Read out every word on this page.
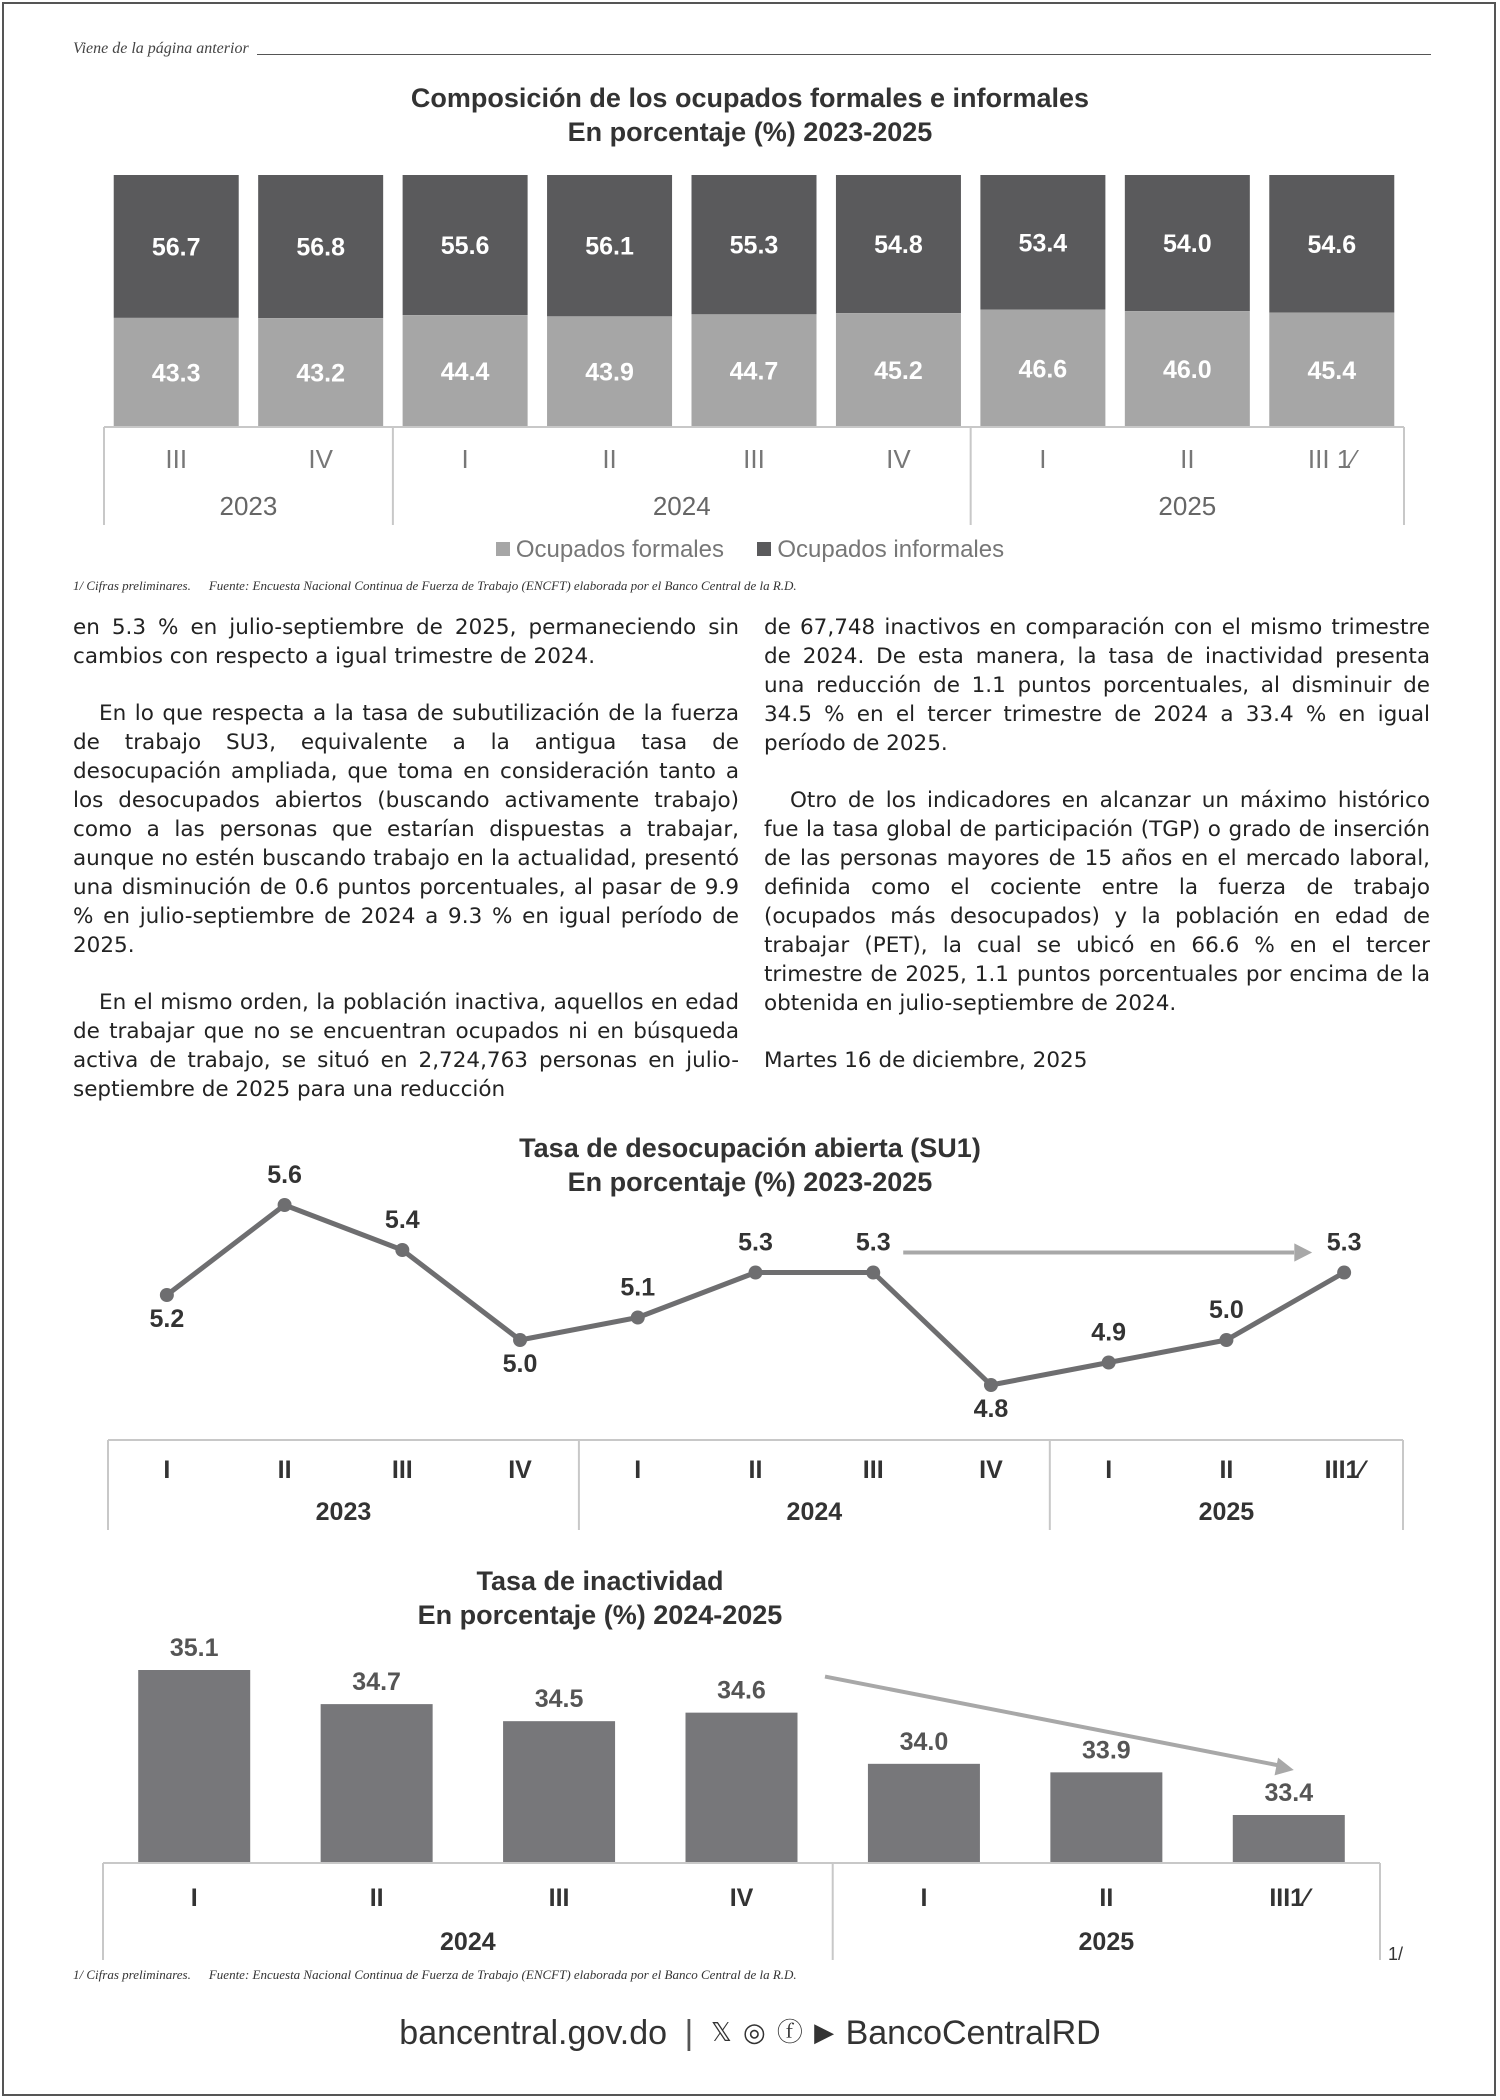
Viene de la página anterior
Composición de los ocupados formales e informales
En porcentaje (%) 2023-2025
56.7
43.3
56.8
43.2
55.6
44.4
56.1
43.9
55.3
44.7
54.8
45.2
53.4
46.6
54.0
46.0
54.6
45.4
2023	2024	2025
III	IV	I	II	III	IV	I	II	III 1⁄
Ocupados formales Ocupados informales
1/ Cifras preliminares. Fuente: Encuesta Nacional Continua de Fuerza de Trabajo (ENCFT) elaborada por el Banco Central de la R.D.

en 5.3 % en julio-septiembre de 2025, permaneciendo sin cambios con respecto a igual trimestre de 2024.

En lo que respecta a la tasa de subutilización de la fuerza de trabajo SU3, equivalente a la antigua tasa de desocupación ampliada, que toma en consideración tanto a los desocupados abiertos (buscando activamente trabajo) como a las personas que estarían dispuestas a trabajar, aunque no estén buscando trabajo en la actualidad, presentó una disminución de 0.6 puntos porcentuales, al pasar de 9.9 % en julio-septiembre de 2024 a 9.3 % en igual período de 2025.

En el mismo orden, la población inactiva, aquellos en edad de trabajar que no se encuentran ocupados ni en búsqueda activa de trabajo, se situó en 2,724,763 personas en julio-septiembre de 2025 para una reducción

de 67,748 inactivos en comparación con el mismo trimestre de 2024. De esta manera, la tasa de inactividad presenta una reducción de 1.1 puntos porcentuales, al disminuir de 34.5 % en el tercer trimestre de 2024 a 33.4 % en igual período de 2025.

Otro de los indicadores en alcanzar un máximo histórico fue la tasa global de participación (TGP) o grado de inserción de las personas mayores de 15 años en el mercado laboral, definida como el cociente entre la fuerza de trabajo (ocupados más desocupados) y la población en edad de trabajar (PET), la cual se ubicó en 66.6 % en el tercer trimestre de 2025, 1.1 puntos porcentuales por encima de la obtenida en julio-septiembre de 2024.

Martes 16 de diciembre, 2025

Tasa de desocupación abierta (SU1)
En porcentaje (%) 2023-2025
5.2
5.6
5.4
5.0
5.1
5.3	5.3
4.8
4.9
5.0
5.3
2023	2024	2025
I	II	III	IV	I	II	III	IV	I	II	III1⁄
Tasa de inactividad
En porcentaje (%) 2024-2025
35.1
34.7
34.5	34.6
34.0	33.9
33.4
2024	2025
I	II	III	IV	I	II	III1⁄
1/
1/ Cifras preliminares. Fuente: Encuesta Nacional Continua de Fuerza de Trabajo (ENCFT) elaborada por el Banco Central de la R.D.
bancentral.gov.do | 𝕏 ◎ ⓕ ▶ BancoCentralRD
